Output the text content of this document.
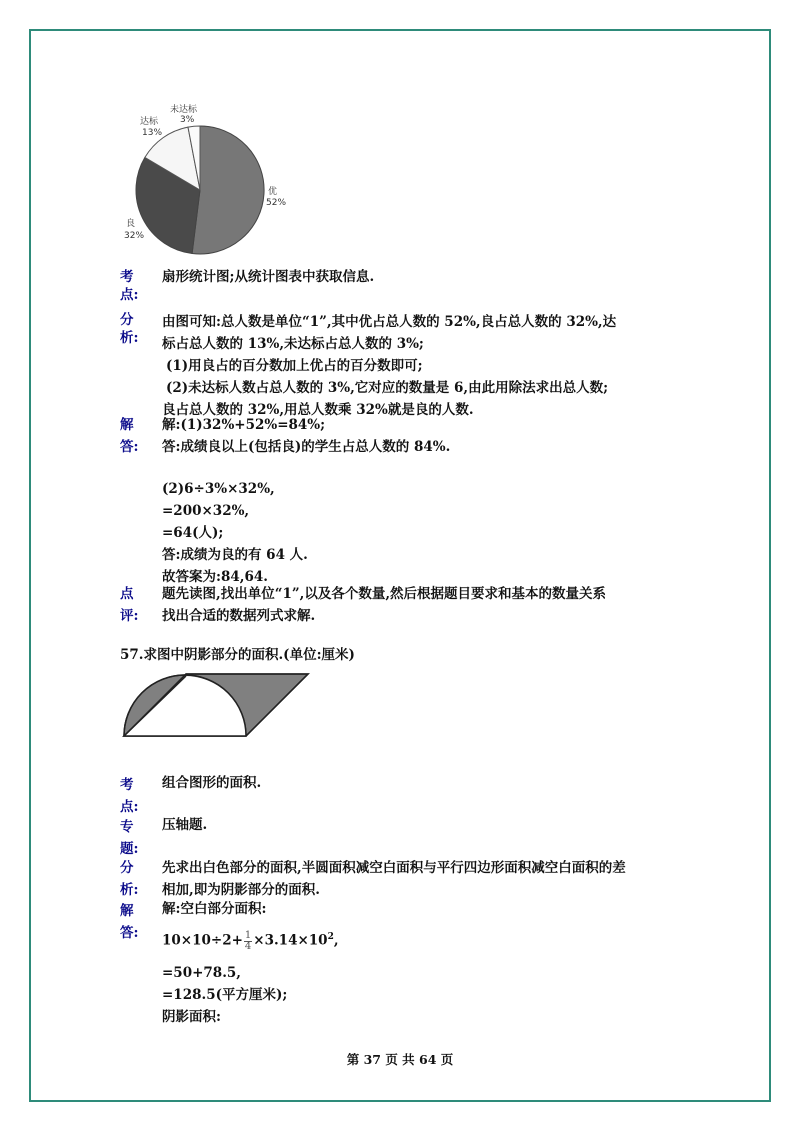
未达标
3%
达标
13%
优
52%
良
32%
考
点:
扇形统计图;从统计图表中获取信息.
分
析:
由图可知:总人数是单位“1”,其中优占总人数的 52%,良占总人数的 32%,达
标占总人数的 13%,未达标占总人数的 3%;
(1)用良占的百分数加上优占的百分数即可;
(2)未达标人数占总人数的 3%,它对应的数量是 6,由此用除法求出总人数;
良占总人数的 32%,用总人数乘 32%就是良的人数.
解
答:
解:(1)32%+52%=84%;
答:成绩良以上(包括良)的学生占总人数的 84%.
(2)6÷3%×32%,
=200×32%,
=64(人);
答:成绩为良的有 64 人.
故答案为:84,64.
点
评:
题先读图,找出单位“1”,以及各个数量,然后根据题目要求和基本的数量关系
找出合适的数据列式求解.
57.求图中阴影部分的面积.(单位:厘米)
考
点:
组合图形的面积.
专
题:
压轴题.
分
析:
先求出白色部分的面积,半圆面积减空白面积与平行四边形面积减空白面积的差
相加,即为阴影部分的面积.
解
答:
解:空白部分面积:
$10\times 10\div 2+ \frac{1}{4} \times 3.14\times 10^2$,
=50+78.5,
=128.5(平方厘米);
阴影面积:
第 37 页 共 64 页
